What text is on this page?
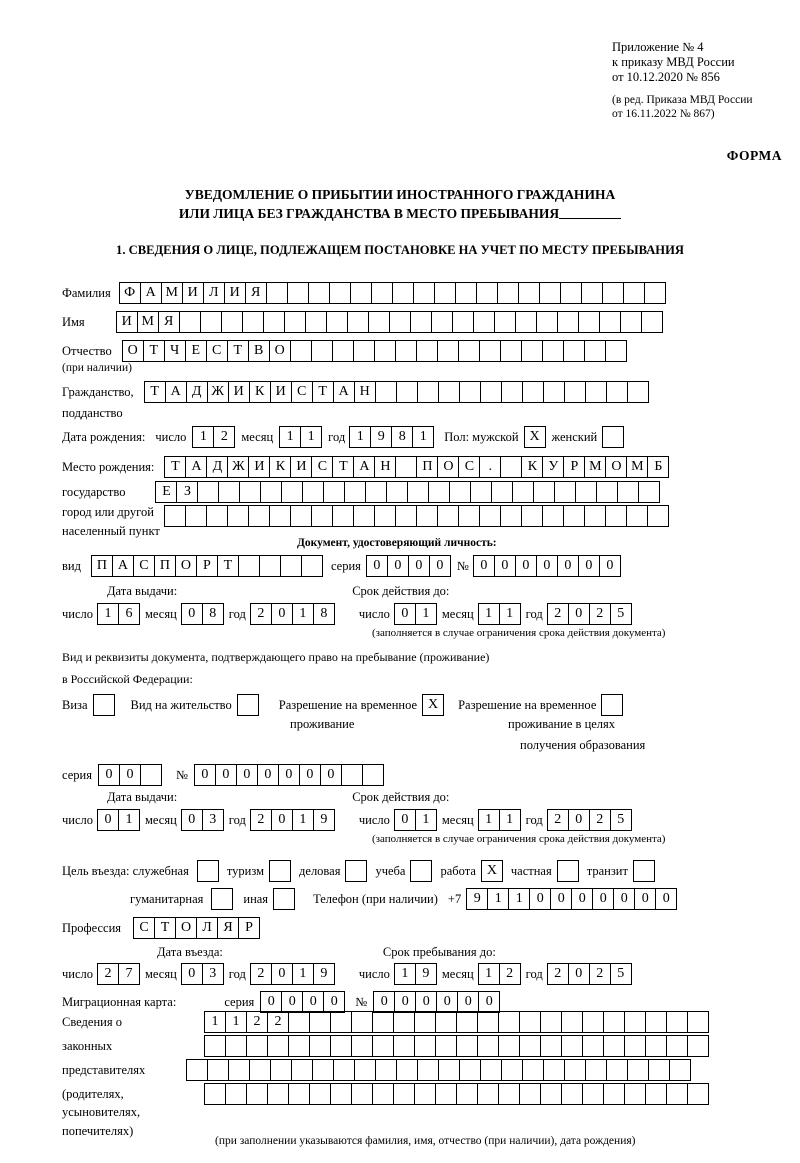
Приложение № 4
к приказу МВД России
от 10.12.2020 № 856
(в ред. Приказа МВД России
от 16.11.2022 № 867)
ФОРМА
УВЕДОМЛЕНИЕ О ПРИБЫТИИ ИНОСТРАННОГО ГРАЖДАНИНА
ИЛИ ЛИЦА БЕЗ ГРАЖДАНСТВА В МЕСТО ПРЕБЫВАНИЯ
1. СВЕДЕНИЯ О ЛИЦЕ, ПОДЛЕЖАЩЕМ ПОСТАНОВКЕ НА УЧЕТ ПО МЕСТУ ПРЕБЫВАНИЯ
Фамилия Ф А М И Л И Я
Имя	И М Я
Отчество	О Т Ч Е С Т В О
(при наличии)
Гражданство,	Т А Д Ж И К И С Т А Н
подданство
Дата рождения: число 1	2	месяц 1	1	год 1	9	8	1	Пол: мужской X женский
Место рождения:	Т А Д Ж И К И С Т А Н	П О С	.	К У Р М О М Б
государство	Е З
город или другой
населенный пункт
Документ, удостоверяющий личность:
вид	П А С П О Р Т	серия 0	0	0	0	№ 0	0	0	0	0	0	0
Дата выдачи:	Срок действия до:
число 1	6	месяц 0	8	год 2	0	1	8	число 0	1	месяц 1	1	год 2	0	2	5
(заполняется в случае ограничения срока действия документа)
Вид и реквизиты документа, подтверждающего право на пребывание (проживание)
в Российской Федерации:
Виза	Вид на жительство	Разрешение на временное X	Разрешение на временное
проживание	проживание в целях
получения образования
серия 0	0	№ 0	0	0	0	0	0	0
Дата выдачи:	Срок действия до:
число 0	1	месяц 0	3	год 2	0	1	9	число 0	1	месяц 1	1	год 2	0	2	5
(заполняется в случае ограничения срока действия документа)
Цель въезда: служебная	туризм	деловая	учеба	работа X	частная	транзит
гуманитарная	иная	Телефон (при наличии) +7 9	1	1	0	0	0	0	0	0	0
Профессия	С Т О Л Я Р
Дата въезда:	Срок пребывания до:
число 2	7	месяц 0	3	год 2	0	1	9	число 1	9	месяц 1	2	год 2	0	2	5
Миграционная карта:	серия 0	0	0	0	№ 0	0	0	0	0	0
Сведения о	1	1	2	2
законных
представителях
(родителях,
усыновителях,
попечителях)
(при заполнении указываются фамилия, имя, отчество (при наличии), дата рождения)
